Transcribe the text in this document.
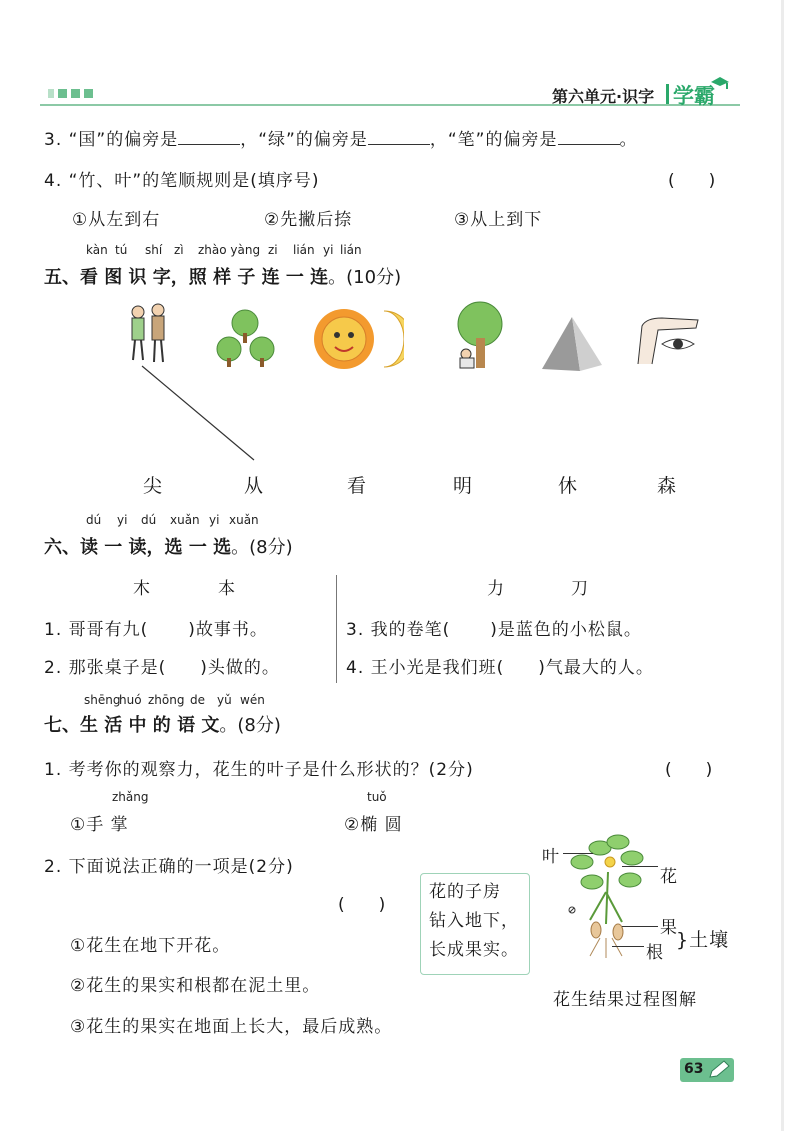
第六单元·识字 学霸
3. “国”的偏旁是	，“绿”的偏旁是	，“笔”的偏旁是	。
4. “竹、叶”的笔顺规则是(填序号)	(　　)
①从左到右	②先撇后捺	③从上到下
kàn tú shí zì zhào yàng zi lián yi lián
五、看 图 识 字，照 样 子 连 一 连。(10分)
尖	从	看	明	休	森
dú yi dú xuǎn yi xuǎn
六、读 一 读，选 一 选。(8分)
木	本	力	刀
1. 哥哥有九( )故事书。
2. 那张桌子是( )头做的。
3. 我的卷笔( )是蓝色的小松鼠。
4. 王小光是我们班( )气最大的人。
shēng
huó zhōng de yǔ wén
七、生 活 中 的 语 文。(8分)
1. 考考你的观察力，花生的叶子是什么形状的？(2分)	(　　)
zhǎng
①手 掌
tuǒ
②椭 圆
2. 下面说法正确的一项是(2分)
(　　)
①花生在地下开花。
②花生的果实和根都在泥土里。
③花生的果实在地面上长大，最后成熟。
花的子房
钻入地下，
长成果实。
叶
花
果
根
}土壤
花生结果过程图解
63
